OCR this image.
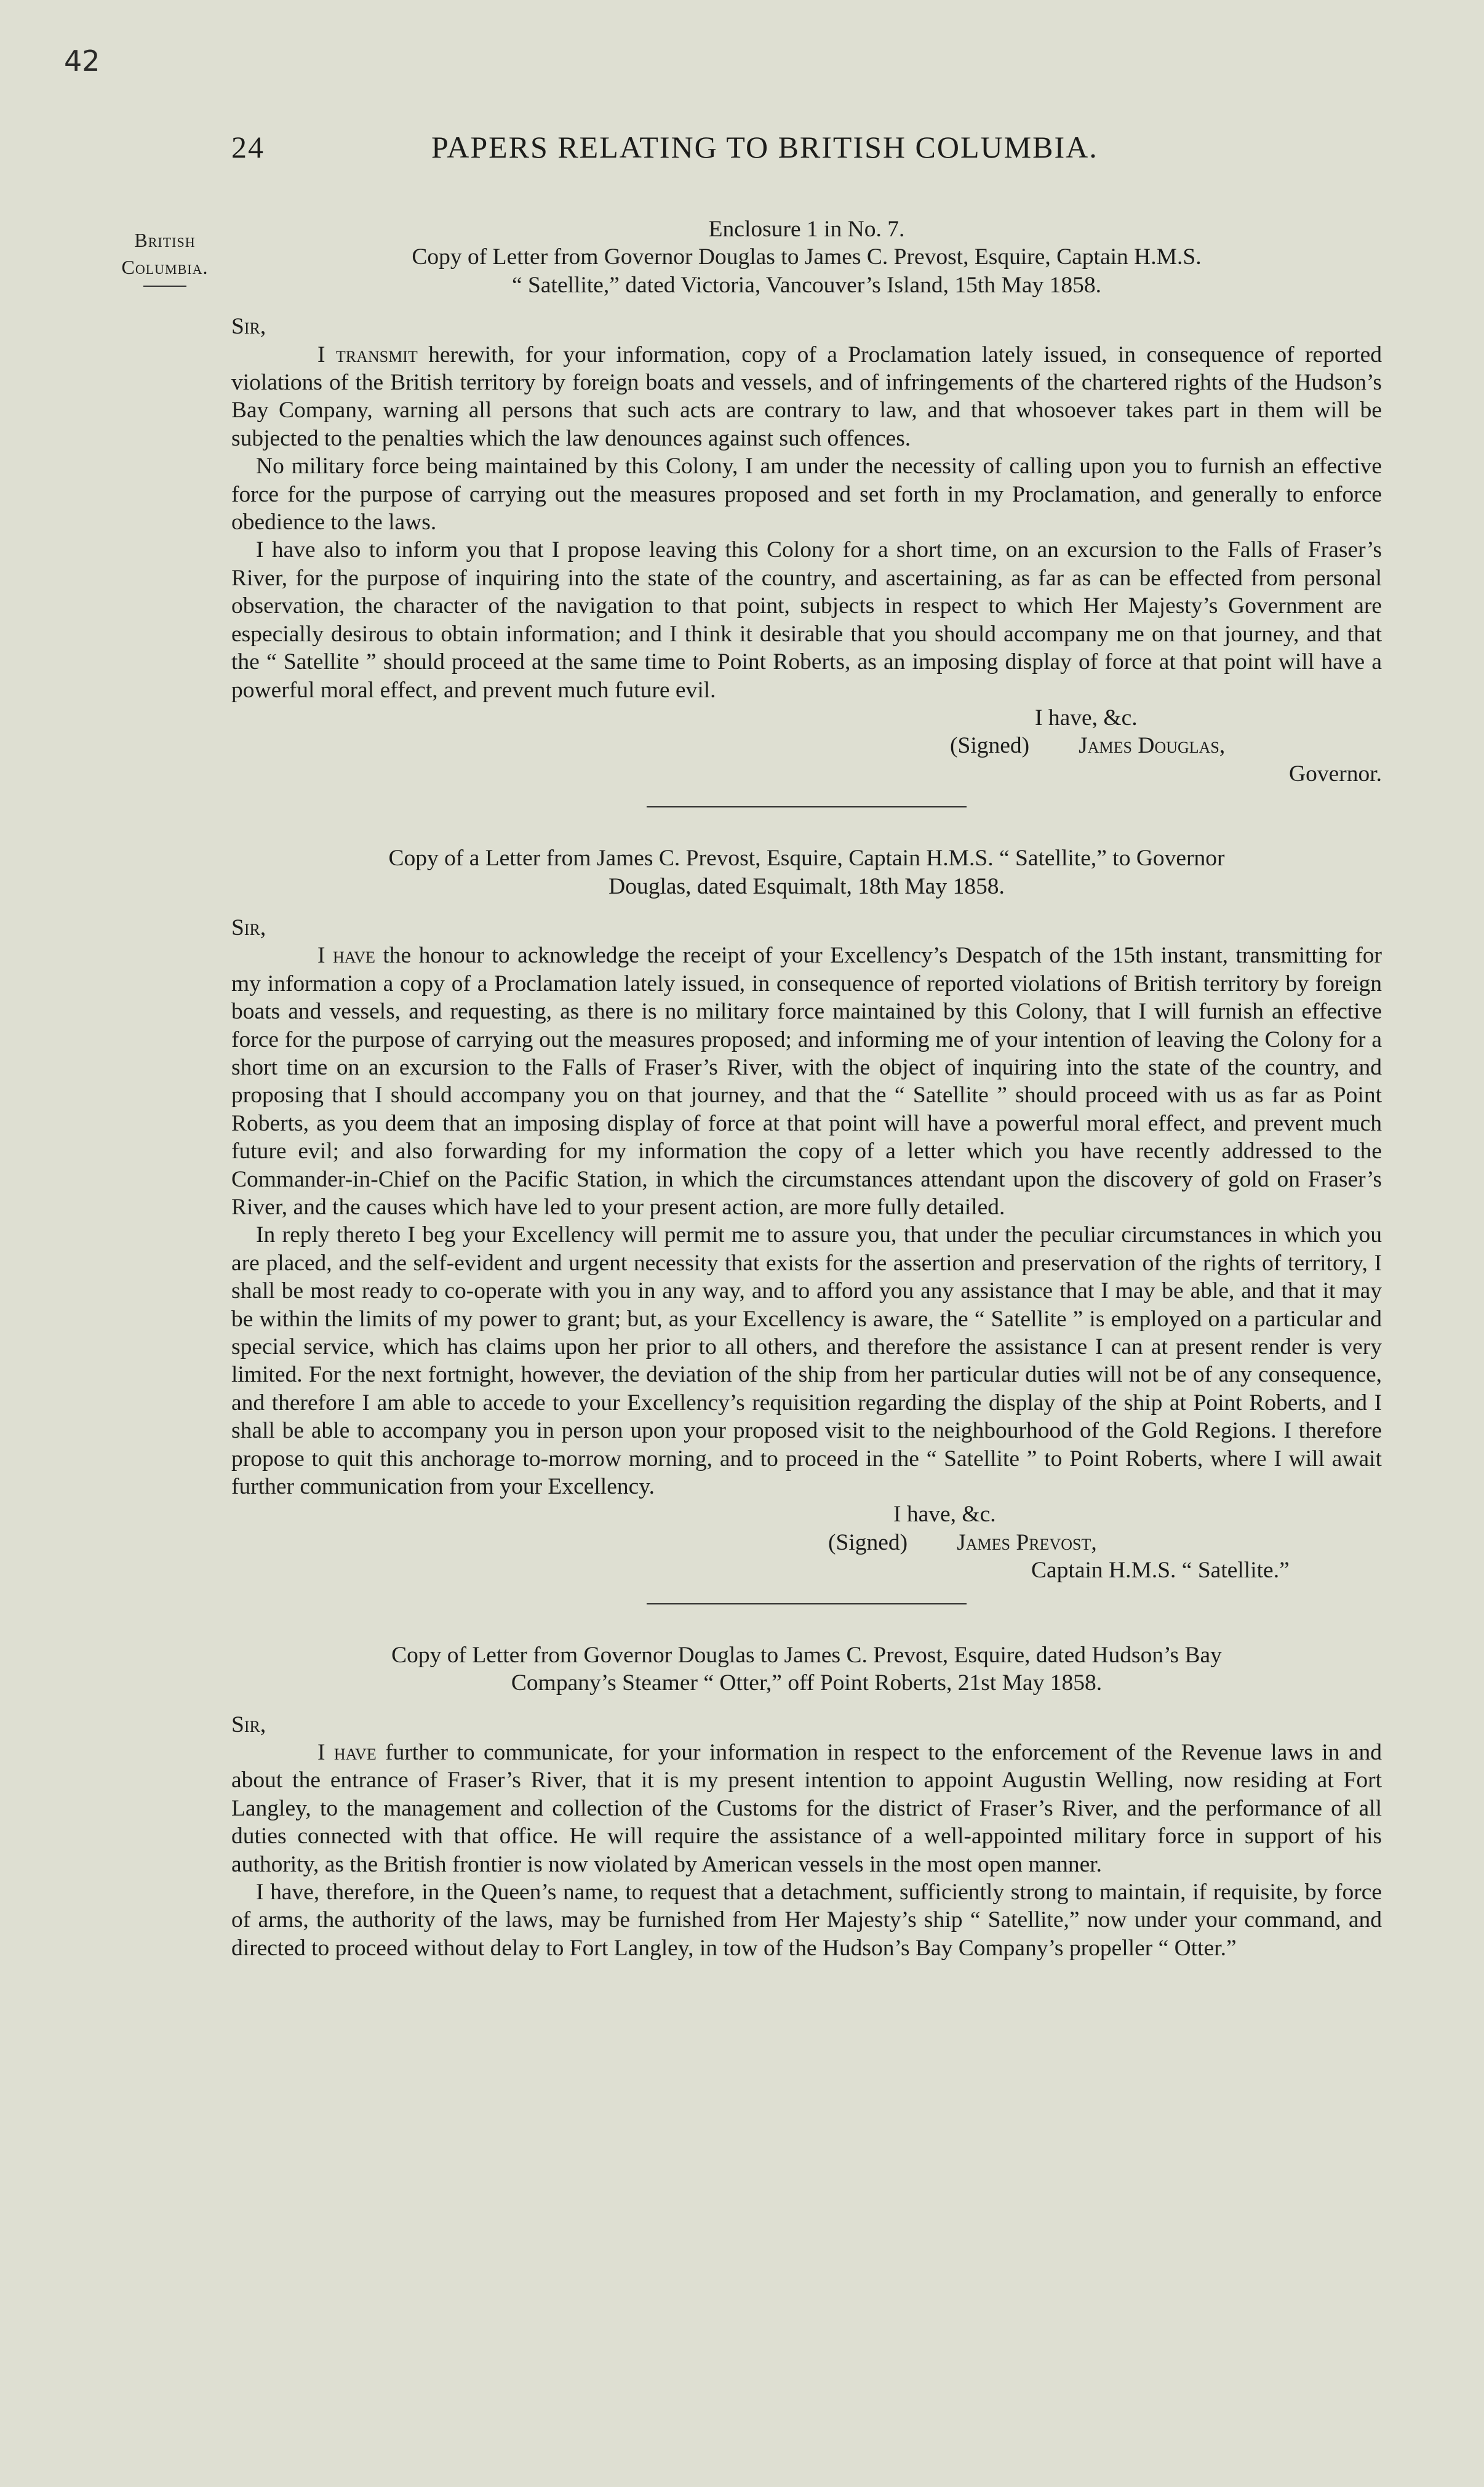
42
24	PAPERS RELATING TO BRITISH COLUMBIA.
British
Columbia.

Enclosure 1 in No. 7.

Copy of Letter from Governor Douglas to James C. Prevost, Esquire, Captain H.M.S.
“ Satellite,” dated Victoria, Vancouver’s Island, 15th May 1858.

Sir,

I transmit herewith, for your information, copy of a Proclamation lately issued, in consequence of reported violations of the British territory by foreign boats and vessels, and of infringements of the chartered rights of the Hudson’s Bay Company, warning all persons that such acts are contrary to law, and that whosoever takes part in them will be subjected to the penalties which the law denounces against such offences.

No military force being maintained by this Colony, I am under the necessity of calling upon you to furnish an effective force for the purpose of carrying out the measures proposed and set forth in my Proclamation, and generally to enforce obedience to the laws.

I have also to inform you that I propose leaving this Colony for a short time, on an excursion to the Falls of Fraser’s River, for the purpose of inquiring into the state of the country, and ascertaining, as far as can be effected from personal observation, the character of the navigation to that point, subjects in respect to which Her Majesty’s Government are especially desirous to obtain information; and I think it desirable that you should accompany me on that journey, and that the “ Satellite ” should proceed at the same time to Point Roberts, as an imposing display of force at that point will have a powerful moral effect, and prevent much future evil.

I have, &c.
(Signed) James Douglas,
Governor.

Copy of a Letter from James C. Prevost, Esquire, Captain H.M.S. “ Satellite,” to Governor
Douglas, dated Esquimalt, 18th May 1858.

Sir,

I have the honour to acknowledge the receipt of your Excellency’s Despatch of the 15th instant, transmitting for my information a copy of a Proclamation lately issued, in consequence of reported violations of British territory by foreign boats and vessels, and requesting, as there is no military force maintained by this Colony, that I will furnish an effective force for the purpose of carrying out the measures proposed; and informing me of your intention of leaving the Colony for a short time on an excursion to the Falls of Fraser’s River, with the object of inquiring into the state of the country, and proposing that I should accompany you on that journey, and that the “ Satellite ” should proceed with us as far as Point Roberts, as you deem that an imposing display of force at that point will have a powerful moral effect, and prevent much future evil; and also forwarding for my information the copy of a letter which you have recently addressed to the Commander-in-Chief on the Pacific Station, in which the circumstances attendant upon the discovery of gold on Fraser’s River, and the causes which have led to your present action, are more fully detailed.

In reply thereto I beg your Excellency will permit me to assure you, that under the peculiar circumstances in which you are placed, and the self-evident and urgent necessity that exists for the assertion and preservation of the rights of territory, I shall be most ready to co-operate with you in any way, and to afford you any assistance that I may be able, and that it may be within the limits of my power to grant; but, as your Excellency is aware, the “ Satellite ” is employed on a particular and special service, which has claims upon her prior to all others, and therefore the assistance I can at present render is very limited. For the next fortnight, however, the deviation of the ship from her particular duties will not be of any consequence, and therefore I am able to accede to your Excellency’s requisition regarding the display of the ship at Point Roberts, and I shall be able to accompany you in person upon your proposed visit to the neighbourhood of the Gold Regions. I therefore propose to quit this anchorage to-morrow morning, and to proceed in the “ Satellite ” to Point Roberts, where I will await further communication from your Excellency.

I have, &c.
(Signed) James Prevost,
Captain H.M.S. “ Satellite.”

Copy of Letter from Governor Douglas to James C. Prevost, Esquire, dated Hudson’s Bay
Company’s Steamer “ Otter,” off Point Roberts, 21st May 1858.

Sir,

I have further to communicate, for your information in respect to the enforcement of the Revenue laws in and about the entrance of Fraser’s River, that it is my present intention to appoint Augustin Welling, now residing at Fort Langley, to the management and collection of the Customs for the district of Fraser’s River, and the performance of all duties connected with that office. He will require the assistance of a well-appointed military force in support of his authority, as the British frontier is now violated by American vessels in the most open manner.

I have, therefore, in the Queen’s name, to request that a detachment, sufficiently strong to maintain, if requisite, by force of arms, the authority of the laws, may be furnished from Her Majesty’s ship “ Satellite,” now under your command, and directed to proceed without delay to Fort Langley, in tow of the Hudson’s Bay Company’s propeller “ Otter.”
